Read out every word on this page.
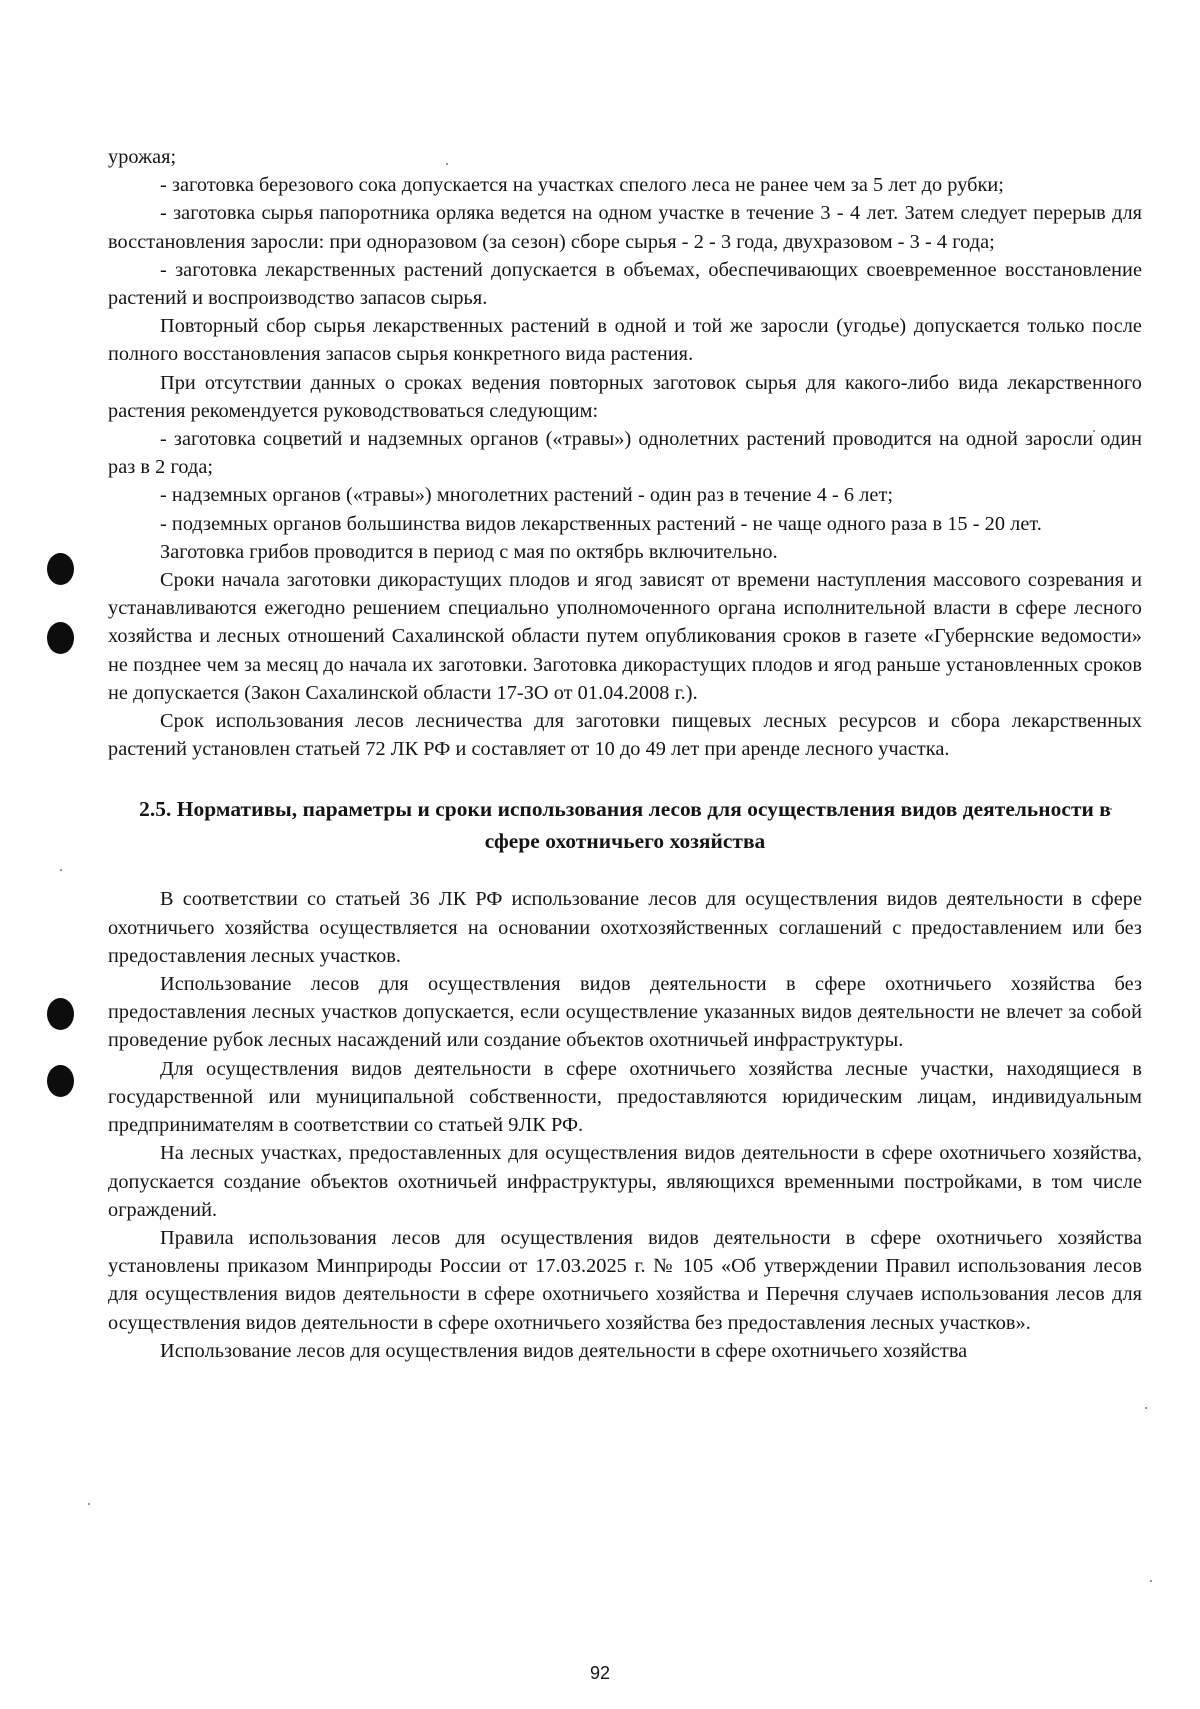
урожая;

- заготовка березового сока допускается на участках спелого леса не ранее чем за 5 лет до рубки;

- заготовка сырья папоротника орляка ведется на одном участке в течение 3 - 4 лет. Затем следует перерыв для восстановления заросли: при одноразовом (за сезон) сборе сырья - 2 - 3 года, двухразовом - 3 - 4 года;

- заготовка лекарственных растений допускается в объемах, обеспечивающих своевременное восстановление растений и воспроизводство запасов сырья.

Повторный сбор сырья лекарственных растений в одной и той же заросли (угодье) допускается только после полного восстановления запасов сырья конкретного вида растения.

При отсутствии данных о сроках ведения повторных заготовок сырья для какого-либо вида лекарственного растения рекомендуется руководствоваться следующим:

- заготовка соцветий и надземных органов («травы») однолетних растений проводится на одной заросли один раз в 2 года;

- надземных органов («травы») многолетних растений - один раз в течение 4 - 6 лет;

- подземных органов большинства видов лекарственных растений - не чаще одного раза в 15 - 20 лет.

Заготовка грибов проводится в период с мая по октябрь включительно.

Сроки начала заготовки дикорастущих плодов и ягод зависят от времени наступления массового созревания и устанавливаются ежегодно решением специально уполномоченного органа исполнительной власти в сфере лесного хозяйства и лесных отношений Сахалинской области путем опубликования сроков в газете «Губернские ведомости» не позднее чем за месяц до начала их заготовки. Заготовка дикорастущих плодов и ягод раньше установленных сроков не допускается (Закон Сахалинской области 17-ЗО от 01.04.2008 г.).

Срок использования лесов лесничества для заготовки пищевых лесных ресурсов и сбора лекарственных растений установлен статьей 72 ЛК РФ и составляет от 10 до 49 лет при аренде лесного участка.

2.5. Нормативы, параметры и сроки использования лесов для осуществления видов деятельности в сфере охотничьего хозяйства

В соответствии со статьей 36 ЛК РФ использование лесов для осуществления видов деятельности в сфере охотничьего хозяйства осуществляется на основании охотхозяйственных соглашений с предоставлением или без предоставления лесных участков.

Использование лесов для осуществления видов деятельности в сфере охотничьего хозяйства без предоставления лесных участков допускается, если осуществление указанных видов деятельности не влечет за собой проведение рубок лесных насаждений или создание объектов охотничьей инфраструктуры.

Для осуществления видов деятельности в сфере охотничьего хозяйства лесные участки, находящиеся в государственной или муниципальной собственности, предоставляются юридическим лицам, индивидуальным предпринимателям в соответствии со статьей 9ЛК РФ.

На лесных участках, предоставленных для осуществления видов деятельности в сфере охотничьего хозяйства, допускается создание объектов охотничьей инфраструктуры, являющихся временными постройками, в том числе ограждений.

Правила использования лесов для осуществления видов деятельности в сфере охотничьего хозяйства установлены приказом Минприроды России от 17.03.2025 г. № 105 «Об утверждении Правил использования лесов для осуществления видов деятельности в сфере охотничьего хозяйства и Перечня случаев использования лесов для осуществления видов деятельности в сфере охотничьего хозяйства без предоставления лесных участков».

Использование лесов для осуществления видов деятельности в сфере охотничьего хозяйства

92
